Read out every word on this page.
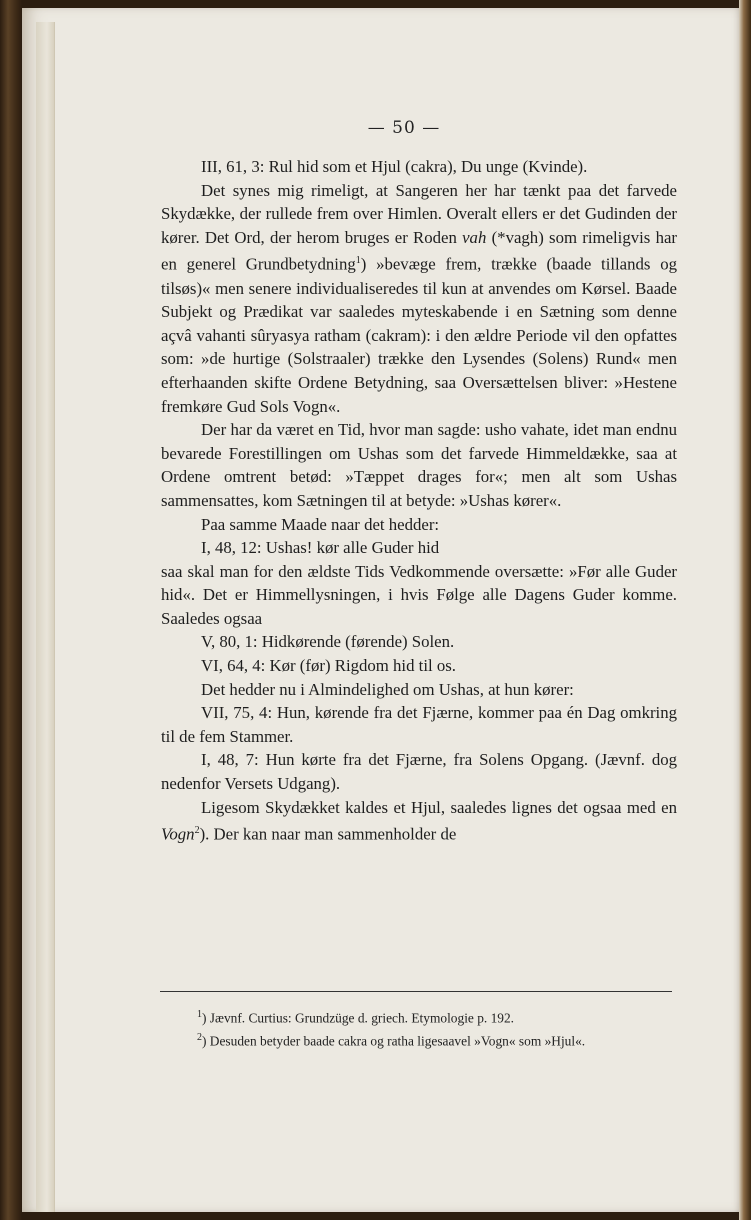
— 50 —

III, 61, 3: Rul hid som et Hjul (cakra), Du unge (Kvinde).

Det synes mig rimeligt, at Sangeren her har tænkt paa det farvede Skydække, der rullede frem over Himlen. Overalt ellers er det Gudinden der kører. Det Ord, der herom bruges er Roden vah (*vagh) som rimeligvis har en generel Grundbetydning$^1$) »bevæge frem, trække (baade tillands og tilsøs)« men senere individualiseredes til kun at anvendes om Kørsel. Baade Subjekt og Prædikat var saaledes myteskabende i en Sætning som denne açvâ vahanti sûryasya ratham (cakram): i den ældre Periode vil den opfattes som: »de hurtige (Solstraaler) trække den Lysendes (Solens) Rund« men efterhaanden skifte Ordene Betydning, saa Oversættelsen bliver: »Hestene fremkøre Gud Sols Vogn«.

Der har da været en Tid, hvor man sagde: usho vahate, idet man endnu bevarede Forestillingen om Ushas som det farvede Himmeldække, saa at Ordene omtrent betød: »Tæppet drages for«; men alt som Ushas sammensattes, kom Sætningen til at betyde: »Ushas kører«.

Paa samme Maade naar det hedder:

I, 48, 12: Ushas! kør alle Guder hid

saa skal man for den ældste Tids Vedkommende oversætte: »Før alle Guder hid«. Det er Himmellysningen, i hvis Følge alle Dagens Guder komme. Saaledes ogsaa

V, 80, 1: Hidkørende (førende) Solen.

VI, 64, 4: Kør (før) Rigdom hid til os.

Det hedder nu i Almindelighed om Ushas, at hun kører:

VII, 75, 4: Hun, kørende fra det Fjærne, kommer paa én Dag omkring til de fem Stammer.

I, 48, 7: Hun kørte fra det Fjærne, fra Solens Opgang. (Jævnf. dog nedenfor Versets Udgang).

Ligesom Skydækket kaldes et Hjul, saaledes lignes det ogsaa med en Vogn$^2$). Der kan naar man sammenholder de

$^1$) Jævnf. Curtius: Grundzüge d. griech. Etymologie p. 192.

$^2$) Desuden betyder baade cakra og ratha ligesaavel »Vogn« som »Hjul«.
